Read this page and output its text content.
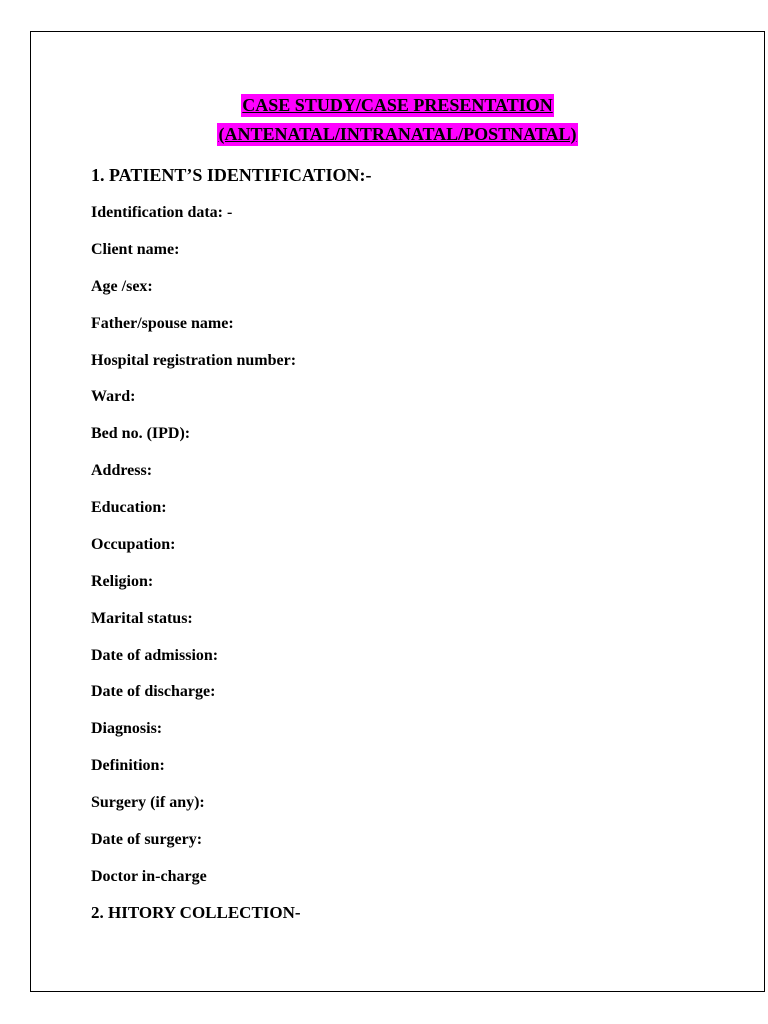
CASE STUDY/CASE PRESENTATION
(ANTENATAL/INTRANATAL/POSTNATAL)
1. PATIENT’S IDENTIFICATION:-
Identification data: -
Client name:
Age /sex:
Father/spouse name:
Hospital registration number:
Ward:
Bed no. (IPD):
Address:
Education:
Occupation:
Religion:
Marital status:
Date of admission:
Date of discharge:
Diagnosis:
Definition:
Surgery (if any):
Date of surgery:
Doctor in-charge
2. HITORY COLLECTION-
